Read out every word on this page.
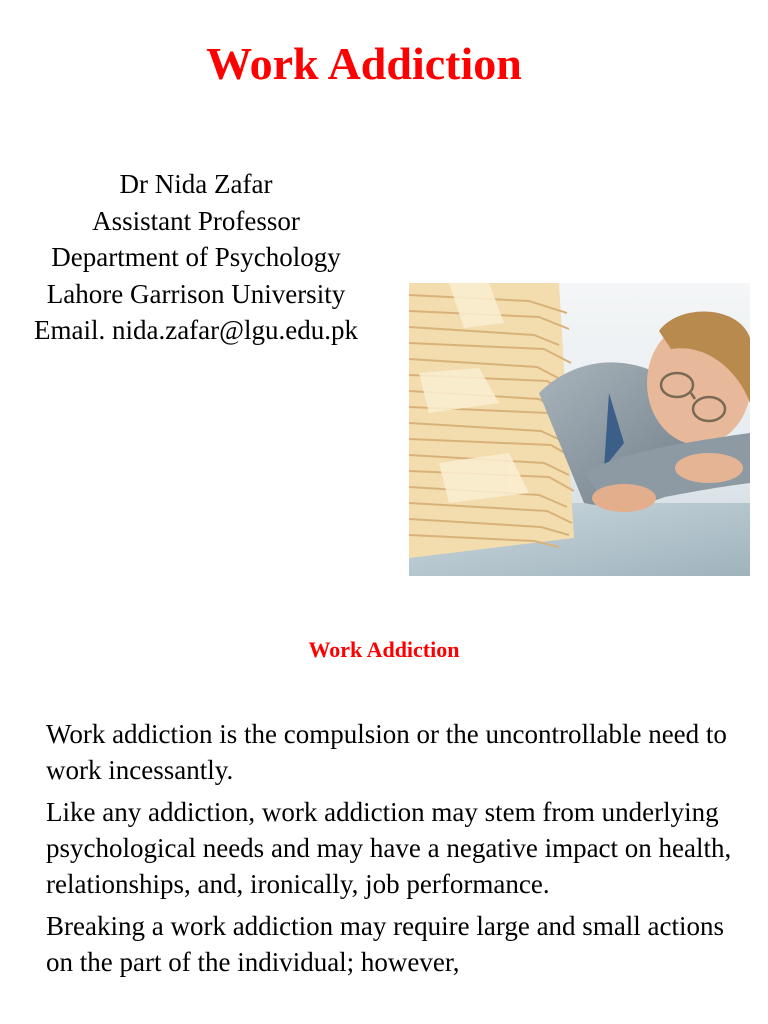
Work Addiction
Dr Nida Zafar
Assistant Professor
Department of Psychology
Lahore Garrison University
Email. nida.zafar@lgu.edu.pk
Work Addiction

Work addiction is the compulsion or the uncontrollable need to work incessantly.

Like any addiction, work addiction may stem from underlying psychological needs and may have a negative impact on health, relationships, and, ironically, job performance.

Breaking a work addiction may require large and small actions on the part of the individual; however,
